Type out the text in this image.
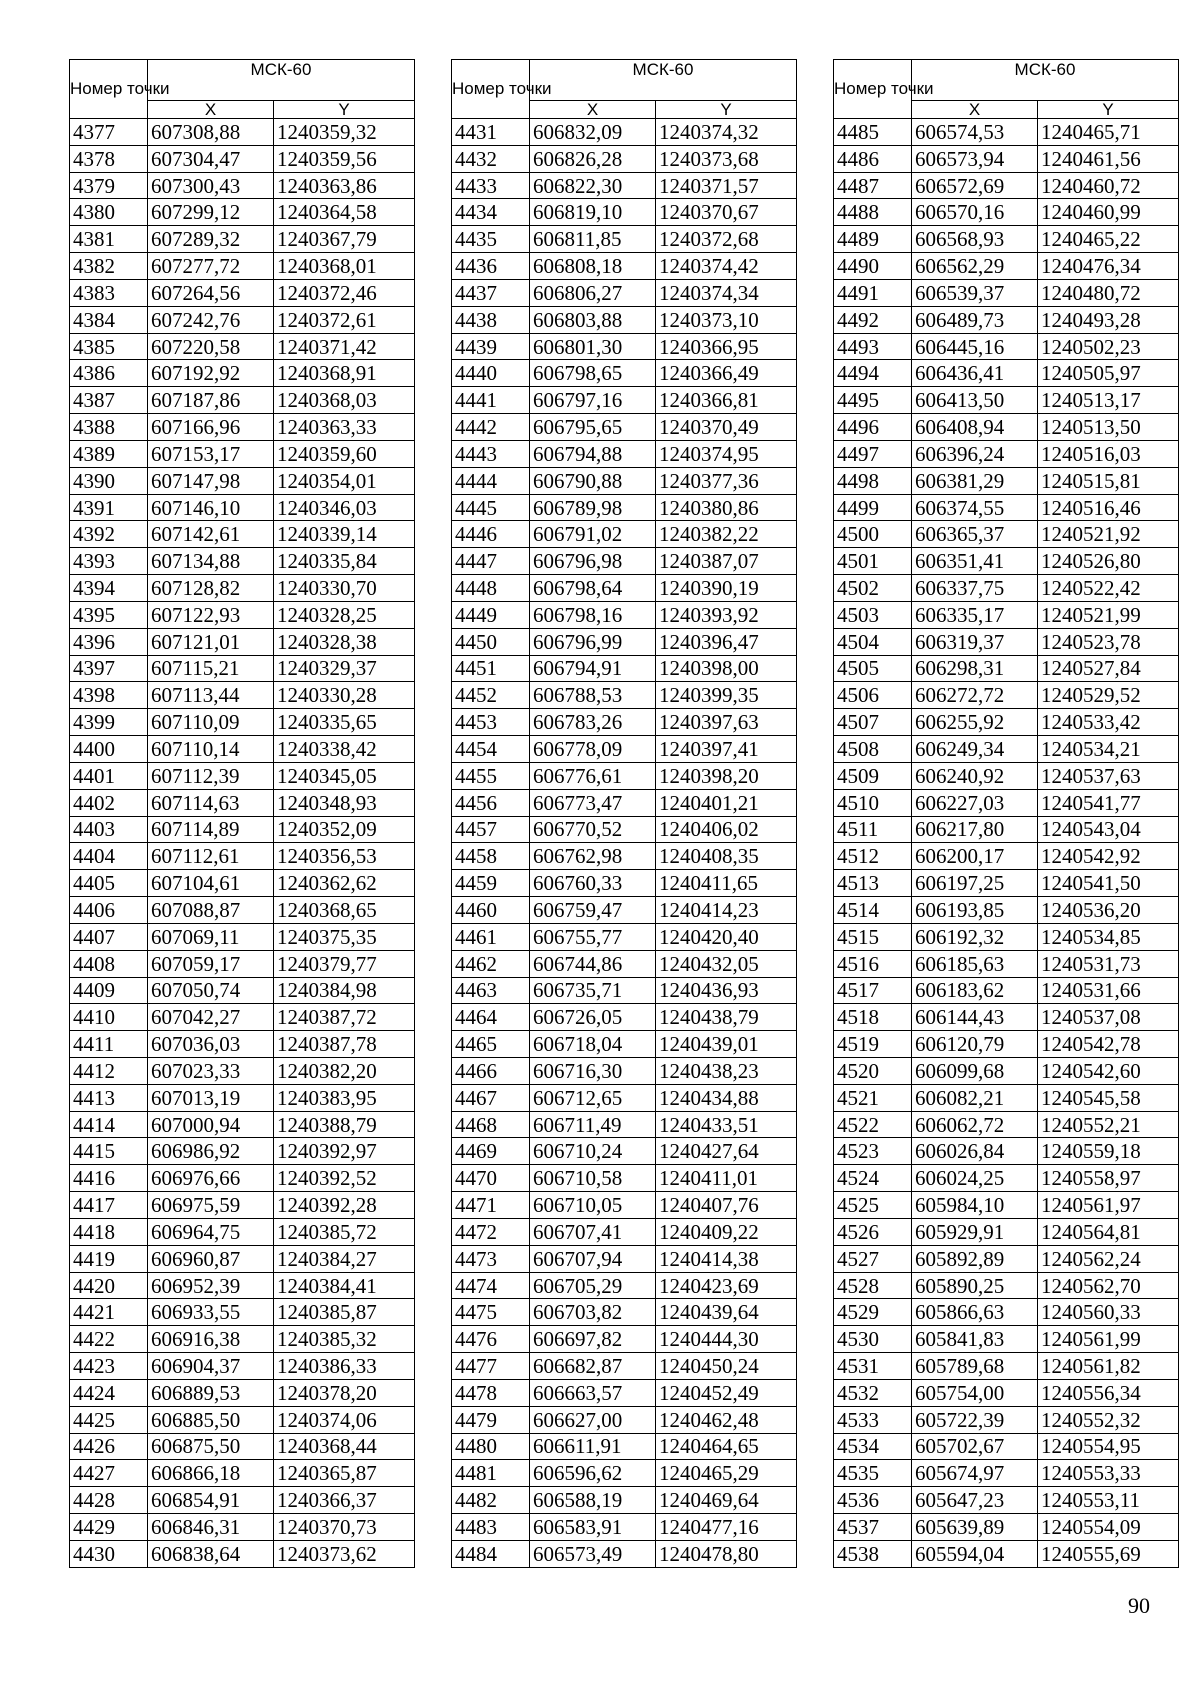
Номер точки	МСК-60	
	X	Y
4377	607308,88	1240359,32
4378	607304,47	1240359,56
4379	607300,43	1240363,86
4380	607299,12	1240364,58
4381	607289,32	1240367,79
4382	607277,72	1240368,01
4383	607264,56	1240372,46
4384	607242,76	1240372,61
4385	607220,58	1240371,42
4386	607192,92	1240368,91
4387	607187,86	1240368,03
4388	607166,96	1240363,33
4389	607153,17	1240359,60
4390	607147,98	1240354,01
4391	607146,10	1240346,03
4392	607142,61	1240339,14
4393	607134,88	1240335,84
4394	607128,82	1240330,70
4395	607122,93	1240328,25
4396	607121,01	1240328,38
4397	607115,21	1240329,37
4398	607113,44	1240330,28
4399	607110,09	1240335,65
4400	607110,14	1240338,42
4401	607112,39	1240345,05
4402	607114,63	1240348,93
4403	607114,89	1240352,09
4404	607112,61	1240356,53
4405	607104,61	1240362,62
4406	607088,87	1240368,65
4407	607069,11	1240375,35
4408	607059,17	1240379,77
4409	607050,74	1240384,98
4410	607042,27	1240387,72
4411	607036,03	1240387,78
4412	607023,33	1240382,20
4413	607013,19	1240383,95
4414	607000,94	1240388,79
4415	606986,92	1240392,97
4416	606976,66	1240392,52
4417	606975,59	1240392,28
4418	606964,75	1240385,72
4419	606960,87	1240384,27
4420	606952,39	1240384,41
4421	606933,55	1240385,87
4422	606916,38	1240385,32
4423	606904,37	1240386,33
4424	606889,53	1240378,20
4425	606885,50	1240374,06
4426	606875,50	1240368,44
4427	606866,18	1240365,87
4428	606854,91	1240366,37
4429	606846,31	1240370,73
4430	606838,64	1240373,62
Номер точки	МСК-60	
	X	Y
4431	606832,09	1240374,32
4432	606826,28	1240373,68
4433	606822,30	1240371,57
4434	606819,10	1240370,67
4435	606811,85	1240372,68
4436	606808,18	1240374,42
4437	606806,27	1240374,34
4438	606803,88	1240373,10
4439	606801,30	1240366,95
4440	606798,65	1240366,49
4441	606797,16	1240366,81
4442	606795,65	1240370,49
4443	606794,88	1240374,95
4444	606790,88	1240377,36
4445	606789,98	1240380,86
4446	606791,02	1240382,22
4447	606796,98	1240387,07
4448	606798,64	1240390,19
4449	606798,16	1240393,92
4450	606796,99	1240396,47
4451	606794,91	1240398,00
4452	606788,53	1240399,35
4453	606783,26	1240397,63
4454	606778,09	1240397,41
4455	606776,61	1240398,20
4456	606773,47	1240401,21
4457	606770,52	1240406,02
4458	606762,98	1240408,35
4459	606760,33	1240411,65
4460	606759,47	1240414,23
4461	606755,77	1240420,40
4462	606744,86	1240432,05
4463	606735,71	1240436,93
4464	606726,05	1240438,79
4465	606718,04	1240439,01
4466	606716,30	1240438,23
4467	606712,65	1240434,88
4468	606711,49	1240433,51
4469	606710,24	1240427,64
4470	606710,58	1240411,01
4471	606710,05	1240407,76
4472	606707,41	1240409,22
4473	606707,94	1240414,38
4474	606705,29	1240423,69
4475	606703,82	1240439,64
4476	606697,82	1240444,30
4477	606682,87	1240450,24
4478	606663,57	1240452,49
4479	606627,00	1240462,48
4480	606611,91	1240464,65
4481	606596,62	1240465,29
4482	606588,19	1240469,64
4483	606583,91	1240477,16
4484	606573,49	1240478,80
Номер точки	МСК-60	
	X	Y
4485	606574,53	1240465,71
4486	606573,94	1240461,56
4487	606572,69	1240460,72
4488	606570,16	1240460,99
4489	606568,93	1240465,22
4490	606562,29	1240476,34
4491	606539,37	1240480,72
4492	606489,73	1240493,28
4493	606445,16	1240502,23
4494	606436,41	1240505,97
4495	606413,50	1240513,17
4496	606408,94	1240513,50
4497	606396,24	1240516,03
4498	606381,29	1240515,81
4499	606374,55	1240516,46
4500	606365,37	1240521,92
4501	606351,41	1240526,80
4502	606337,75	1240522,42
4503	606335,17	1240521,99
4504	606319,37	1240523,78
4505	606298,31	1240527,84
4506	606272,72	1240529,52
4507	606255,92	1240533,42
4508	606249,34	1240534,21
4509	606240,92	1240537,63
4510	606227,03	1240541,77
4511	606217,80	1240543,04
4512	606200,17	1240542,92
4513	606197,25	1240541,50
4514	606193,85	1240536,20
4515	606192,32	1240534,85
4516	606185,63	1240531,73
4517	606183,62	1240531,66
4518	606144,43	1240537,08
4519	606120,79	1240542,78
4520	606099,68	1240542,60
4521	606082,21	1240545,58
4522	606062,72	1240552,21
4523	606026,84	1240559,18
4524	606024,25	1240558,97
4525	605984,10	1240561,97
4526	605929,91	1240564,81
4527	605892,89	1240562,24
4528	605890,25	1240562,70
4529	605866,63	1240560,33
4530	605841,83	1240561,99
4531	605789,68	1240561,82
4532	605754,00	1240556,34
4533	605722,39	1240552,32
4534	605702,67	1240554,95
4535	605674,97	1240553,33
4536	605647,23	1240553,11
4537	605639,89	1240554,09
4538	605594,04	1240555,69
90
